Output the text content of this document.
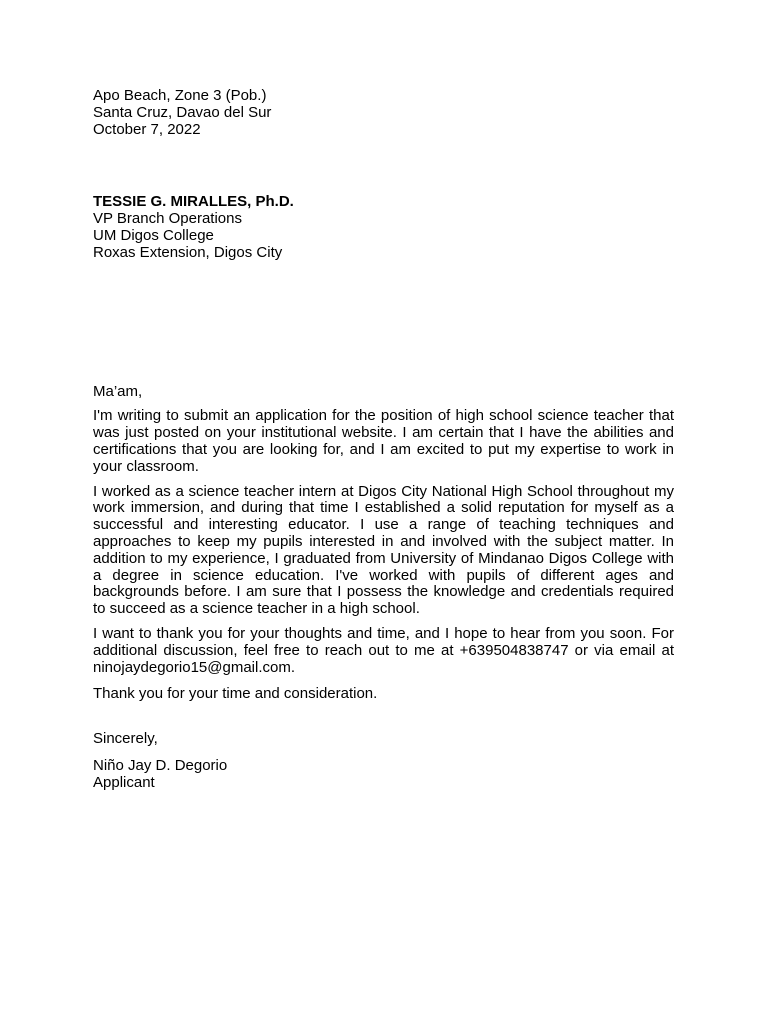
Apo Beach, Zone 3 (Pob.)
Santa Cruz, Davao del Sur
October 7, 2022
TESSIE G. MIRALLES, Ph.D.
VP Branch Operations
UM Digos College
Roxas Extension, Digos City
Ma’am,

I'm writing to submit an application for the position of high school science teacher that was just posted on your institutional website. I am certain that I have the abilities and certifications that you are looking for, and I am excited to put my expertise to work in your classroom.

I worked as a science teacher intern at Digos City National High School throughout my work immersion, and during that time I established a solid reputation for myself as a successful and interesting educator. I use a range of teaching techniques and approaches to keep my pupils interested in and involved with the subject matter. In addition to my experience, I graduated from University of Mindanao Digos College with a degree in science education. I've worked with pupils of different ages and backgrounds before. I am sure that I possess the knowledge and credentials required to succeed as a science teacher in a high school.

I want to thank you for your thoughts and time, and I hope to hear from you soon. For additional discussion, feel free to reach out to me at +639504838747 or via email at ninojaydegorio15@gmail.com.

Thank you for your time and consideration.

Sincerely,
Niño Jay D. Degorio
Applicant
